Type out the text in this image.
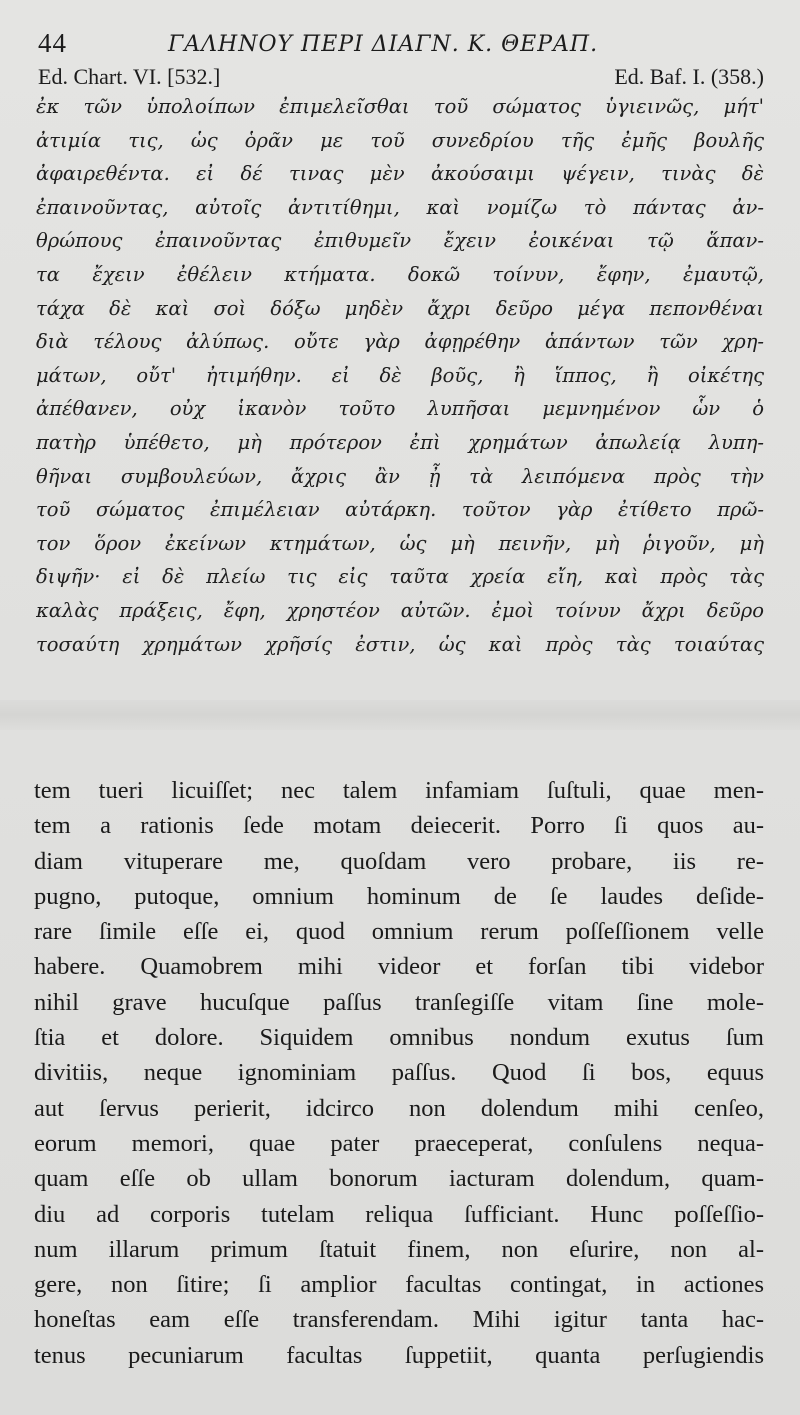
44	ΓΑΛΗΝΟΥ ΠΕΡΙ ΔΙΑΓΝ. Κ. ΘΕΡΑΠ.
Ed. Chart. VI. [532.]	Ed. Baf. I. (358.)
ἐκ τῶν ὑπολοίπων ἐπιμελεῖσθαι τοῦ σώματος ὑγιεινῶς, μήτ'
ἀτιμία τις, ὡς ὁρᾶν με τοῦ συνεδρίου τῆς ἐμῆς βουλῆς
ἀφαιρεθέντα. εἰ δέ τινας μὲν ἀκούσαιμι ψέγειν, τινὰς δὲ
ἐπαινοῦντας, αὐτοῖς ἀντιτίθημι, καὶ νομίζω τὸ πάντας ἀν-
θρώπους ἐπαινοῦντας ἐπιθυμεῖν ἔχειν ἐοικέναι τῷ ἅπαν-
τα ἔχειν ἐθέλειν κτήματα. δοκῶ τοίνυν, ἔφην, ἐμαυτῷ,
τάχα δὲ καὶ σοὶ δόξω μηδὲν ἄχρι δεῦρο μέγα πεπονθέναι
διὰ τέλους ἀλύπως. οὔτε γὰρ ἀφῃρέθην ἁπάντων τῶν χρη-
μάτων, οὔτ' ἠτιμήθην. εἰ δὲ βοῦς, ἢ ἵππος, ἢ οἰκέτης
ἀπέθανεν, οὐχ ἱκανὸν τοῦτο λυπῆσαι μεμνημένον ὧν ὁ
πατὴρ ὑπέθετο, μὴ πρότερον ἐπὶ χρημάτων ἀπωλείᾳ λυπη-
θῆναι συμβουλεύων, ἄχρις ἂν ᾖ τὰ λειπόμενα πρὸς τὴν
τοῦ σώματος ἐπιμέλειαν αὐτάρκη. τοῦτον γὰρ ἐτίθετο πρῶ-
τον ὅρον ἐκείνων κτημάτων, ὡς μὴ πεινῆν, μὴ ῥιγοῦν, μὴ
διψῆν· εἰ δὲ πλείω τις εἰς ταῦτα χρεία εἴη, καὶ πρὸς τὰς
καλὰς πράξεις, ἔφη, χρηστέον αὐτῶν. ἐμοὶ τοίνυν ἄχρι δεῦρο
τοσαύτη χρημάτων χρῆσίς ἐστιν, ὡς καὶ πρὸς τὰς τοιαύτας
tem tueri licuiſſet; nec talem infamiam ſuſtuli, quae men-
tem a rationis ſede motam deiecerit. Porro ſi quos au-
diam vituperare me, quoſdam vero probare, iis re-
pugno, putoque, omnium hominum de ſe laudes deſide-
rare ſimile eſſe ei, quod omnium rerum poſſeſſionem velle
habere. Quamobrem mihi videor et forſan tibi videbor
nihil grave hucuſque paſſus tranſegiſſe vitam ſine mole-
ſtia et dolore. Siquidem omnibus nondum exutus ſum
divitiis, neque ignominiam paſſus. Quod ſi bos, equus
aut ſervus perierit, idcirco non dolendum mihi cenſeo,
eorum memori, quae pater praeceperat, conſulens nequa-
quam eſſe ob ullam bonorum iacturam dolendum, quam-
diu ad corporis tutelam reliqua ſufficiant. Hunc poſſeſſio-
num illarum primum ſtatuit finem, non eſurire, non al-
gere, non ſitire; ſi amplior facultas contingat, in actiones
honeſtas eam eſſe transferendam. Mihi igitur tanta hac-
tenus pecuniarum facultas ſuppetiit, quanta perſugiendis
